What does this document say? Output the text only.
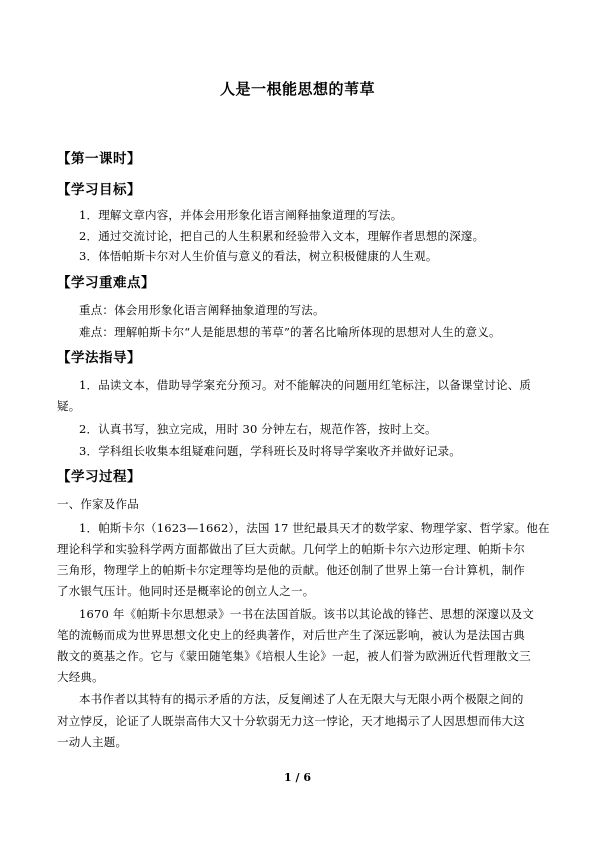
人是一根能思想的苇草
【第一课时】
【学习目标】
1．理解文章内容，并体会用形象化语言阐释抽象道理的写法。
2．通过交流讨论，把自己的人生积累和经验带入文本，理解作者思想的深邃。
3．体悟帕斯卡尔对人生价值与意义的看法，树立积极健康的人生观。
【学习重难点】
重点：体会用形象化语言阐释抽象道理的写法。
难点：理解帕斯卡尔“人是能思想的苇草”的著名比喻所体现的思想对人生的意义。
【学法指导】
1．品读文本，借助导学案充分预习。对不能解决的问题用红笔标注，以备课堂讨论、质
疑。
2．认真书写，独立完成，用时 30 分钟左右，规范作答，按时上交。
3．学科组长收集本组疑难问题，学科班长及时将导学案收齐并做好记录。
【学习过程】
一、作家及作品
1．帕斯卡尔（1623—1662），法国 17 世纪最具天才的数学家、物理学家、哲学家。他在
理论科学和实验科学两方面都做出了巨大贡献。几何学上的帕斯卡尔六边形定理、帕斯卡尔
三角形，物理学上的帕斯卡尔定理等均是他的贡献。他还创制了世界上第一台计算机，制作
了水银气压计。他同时还是概率论的创立人之一。
1670 年《帕斯卡尔思想录》一书在法国首版。该书以其论战的锋芒、思想的深邃以及文
笔的流畅而成为世界思想文化史上的经典著作，对后世产生了深远影响，被认为是法国古典
散文的奠基之作。它与《蒙田随笔集》《培根人生论》一起，被人们誉为欧洲近代哲理散文三
大经典。
本书作者以其特有的揭示矛盾的方法，反复阐述了人在无限大与无限小两个极限之间的
对立悖反，论证了人既崇高伟大又十分软弱无力这一悖论，天才地揭示了人因思想而伟大这
一动人主题。
1 / 6
